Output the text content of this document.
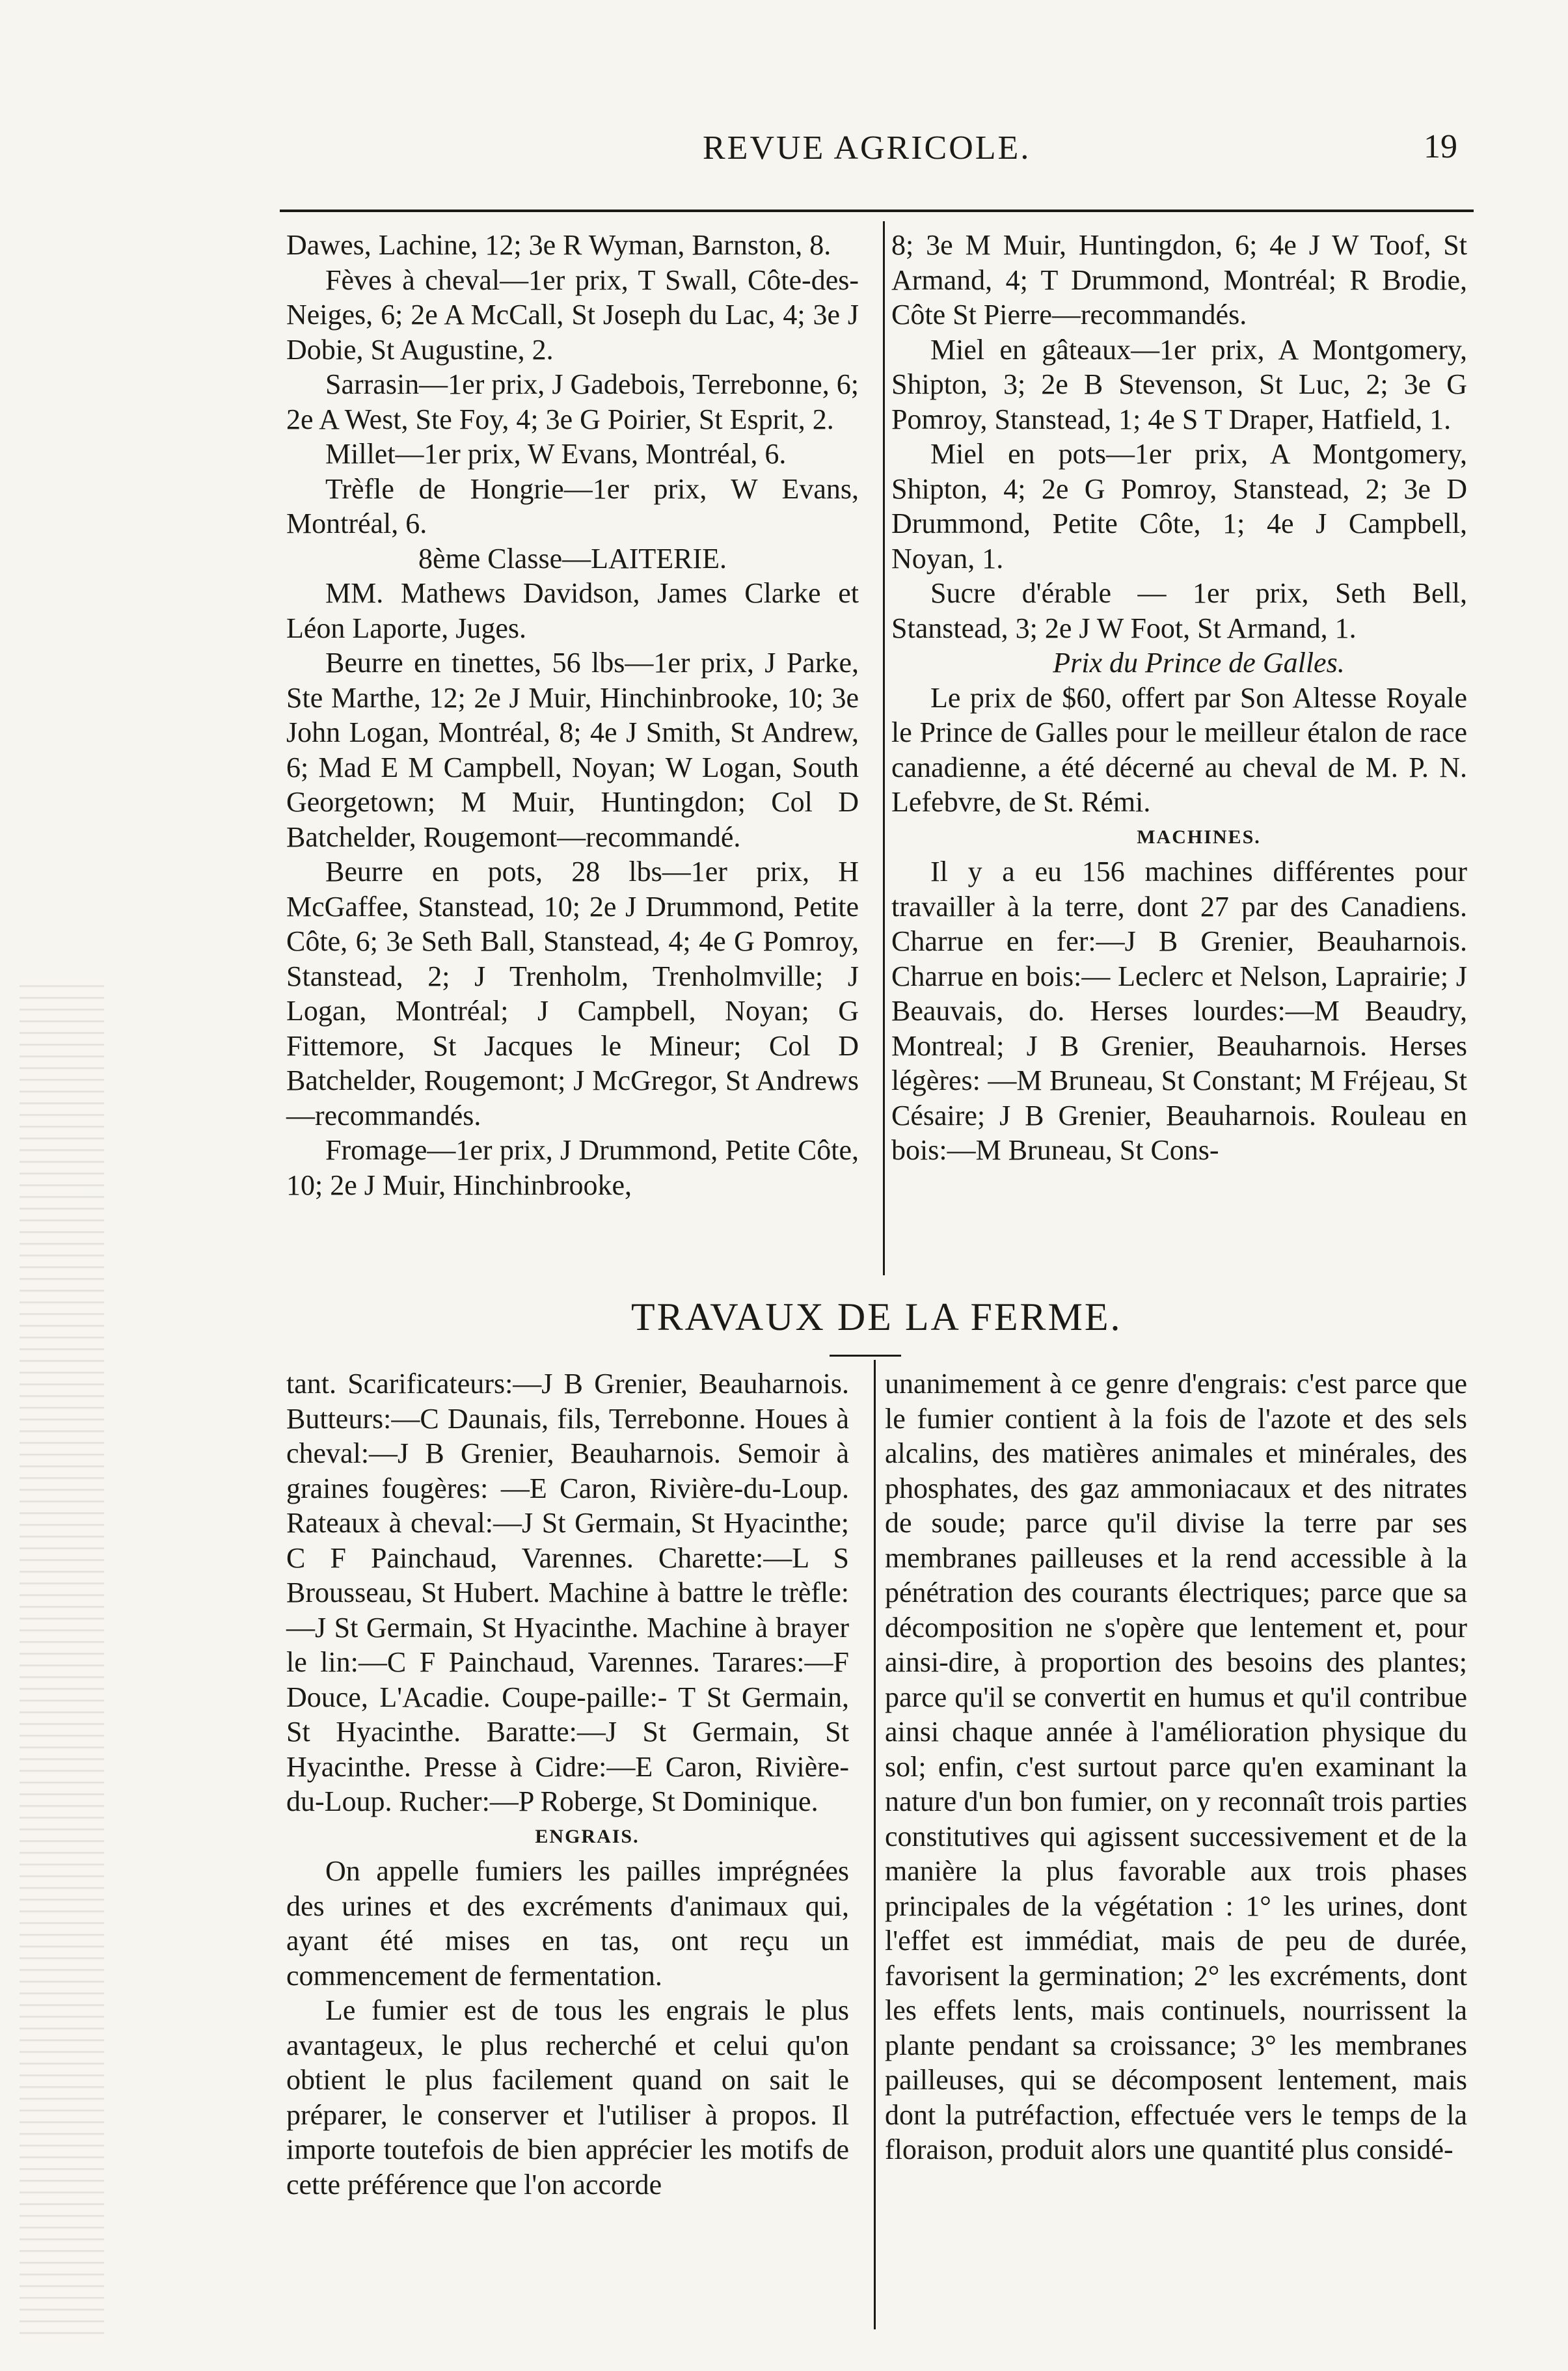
REVUE AGRICOLE.	19

Dawes, Lachine, 12; 3e R Wyman, Barnston, 8.

Fèves à cheval—1er prix, T Swall, Côte-des-Neiges, 6; 2e A McCall, St Joseph du Lac, 4; 3e J Dobie, St Augustine, 2.

Sarrasin—1er prix, J Gadebois, Terrebonne, 6; 2e A West, Ste Foy, 4; 3e G Poirier, St Esprit, 2.

Millet—1er prix, W Evans, Montréal, 6.

Trèfle de Hongrie—1er prix, W Evans, Montréal, 6.

8ème Classe—LAITERIE.

MM. Mathews Davidson, James Clarke et Léon Laporte, Juges.

Beurre en tinettes, 56 lbs—1er prix, J Parke, Ste Marthe, 12; 2e J Muir, Hinchinbrooke, 10; 3e John Logan, Montréal, 8; 4e J Smith, St Andrew, 6; Mad E M Campbell, Noyan; W Logan, South Georgetown; M Muir, Huntingdon; Col D Batchelder, Rougemont—recommandé.

Beurre en pots, 28 lbs—1er prix, H McGaffee, Stanstead, 10; 2e J Drummond, Petite Côte, 6; 3e Seth Ball, Stanstead, 4; 4e G Pomroy, Stanstead, 2; J Trenholm, Trenholmville; J Logan, Montréal; J Campbell, Noyan; G Fittemore, St Jacques le Mineur; Col D Batchelder, Rougemont; J McGregor, St Andrews—recommandés.

Fromage—1er prix, J Drummond, Petite Côte, 10; 2e J Muir, Hinchinbrooke,

8; 3e M Muir, Huntingdon, 6; 4e J W Toof, St Armand, 4; T Drummond, Montréal; R Brodie, Côte St Pierre—recommandés.

Miel en gâteaux—1er prix, A Montgomery, Shipton, 3; 2e B Stevenson, St Luc, 2; 3e G Pomroy, Stanstead, 1; 4e S T Draper, Hatfield, 1.

Miel en pots—1er prix, A Montgomery, Shipton, 4; 2e G Pomroy, Stanstead, 2; 3e D Drummond, Petite Côte, 1; 4e J Campbell, Noyan, 1.

Sucre d'érable — 1er prix, Seth Bell, Stanstead, 3; 2e J W Foot, St Armand, 1.

Prix du Prince de Galles.

Le prix de $60, offert par Son Altesse Royale le Prince de Galles pour le meilleur étalon de race canadienne, a été décerné au cheval de M. P. N. Lefebvre, de St. Rémi.

MACHINES.

Il y a eu 156 machines différentes pour travailler à la terre, dont 27 par des Canadiens. Charrue en fer:—J B Grenier, Beauharnois. Charrue en bois:— Leclerc et Nelson, Laprairie; J Beauvais, do. Herses lourdes:—M Beaudry, Montreal; J B Grenier, Beauharnois. Herses légères: —M Bruneau, St Constant; M Fréjeau, St Césaire; J B Grenier, Beauharnois. Rouleau en bois:—M Bruneau, St Cons-

TRAVAUX DE LA FERME.

tant. Scarificateurs:—J B Grenier, Beauharnois. Butteurs:—C Daunais, fils, Terrebonne. Houes à cheval:—J B Grenier, Beauharnois. Semoir à graines fougères: —E Caron, Rivière-du-Loup. Rateaux à cheval:—J St Germain, St Hyacinthe; C F Painchaud, Varennes. Charette:—L S Brousseau, St Hubert. Machine à battre le trèfle:—J St Germain, St Hyacinthe. Machine à brayer le lin:—C F Painchaud, Varennes. Tarares:—F Douce, L'Acadie. Coupe-paille:- T St Germain, St Hyacinthe. Baratte:—J St Germain, St Hyacinthe. Presse à Cidre:—E Caron, Rivière-du-Loup. Rucher:—P Roberge, St Dominique.

ENGRAIS.

On appelle fumiers les pailles imprégnées des urines et des excréments d'animaux qui, ayant été mises en tas, ont reçu un commencement de fermentation.

Le fumier est de tous les engrais le plus avantageux, le plus recherché et celui qu'on obtient le plus facilement quand on sait le préparer, le conserver et l'utiliser à propos. Il importe toutefois de bien apprécier les motifs de cette préférence que l'on accorde

unanimement à ce genre d'engrais: c'est parce que le fumier contient à la fois de l'azote et des sels alcalins, des matières animales et minérales, des phosphates, des gaz ammoniacaux et des nitrates de soude; parce qu'il divise la terre par ses membranes pailleuses et la rend accessible à la pénétration des courants électriques; parce que sa décomposition ne s'opère que lentement et, pour ainsi-dire, à proportion des besoins des plantes; parce qu'il se convertit en humus et qu'il contribue ainsi chaque année à l'amélioration physique du sol; enfin, c'est surtout parce qu'en examinant la nature d'un bon fumier, on y reconnaît trois parties constitutives qui agissent successivement et de la manière la plus favorable aux trois phases principales de la végétation : 1° les urines, dont l'effet est immédiat, mais de peu de durée, favorisent la germination; 2° les excréments, dont les effets lents, mais continuels, nourrissent la plante pendant sa croissance; 3° les membranes pailleuses, qui se décomposent lentement, mais dont la putréfaction, effectuée vers le temps de la floraison, produit alors une quantité plus considé-
